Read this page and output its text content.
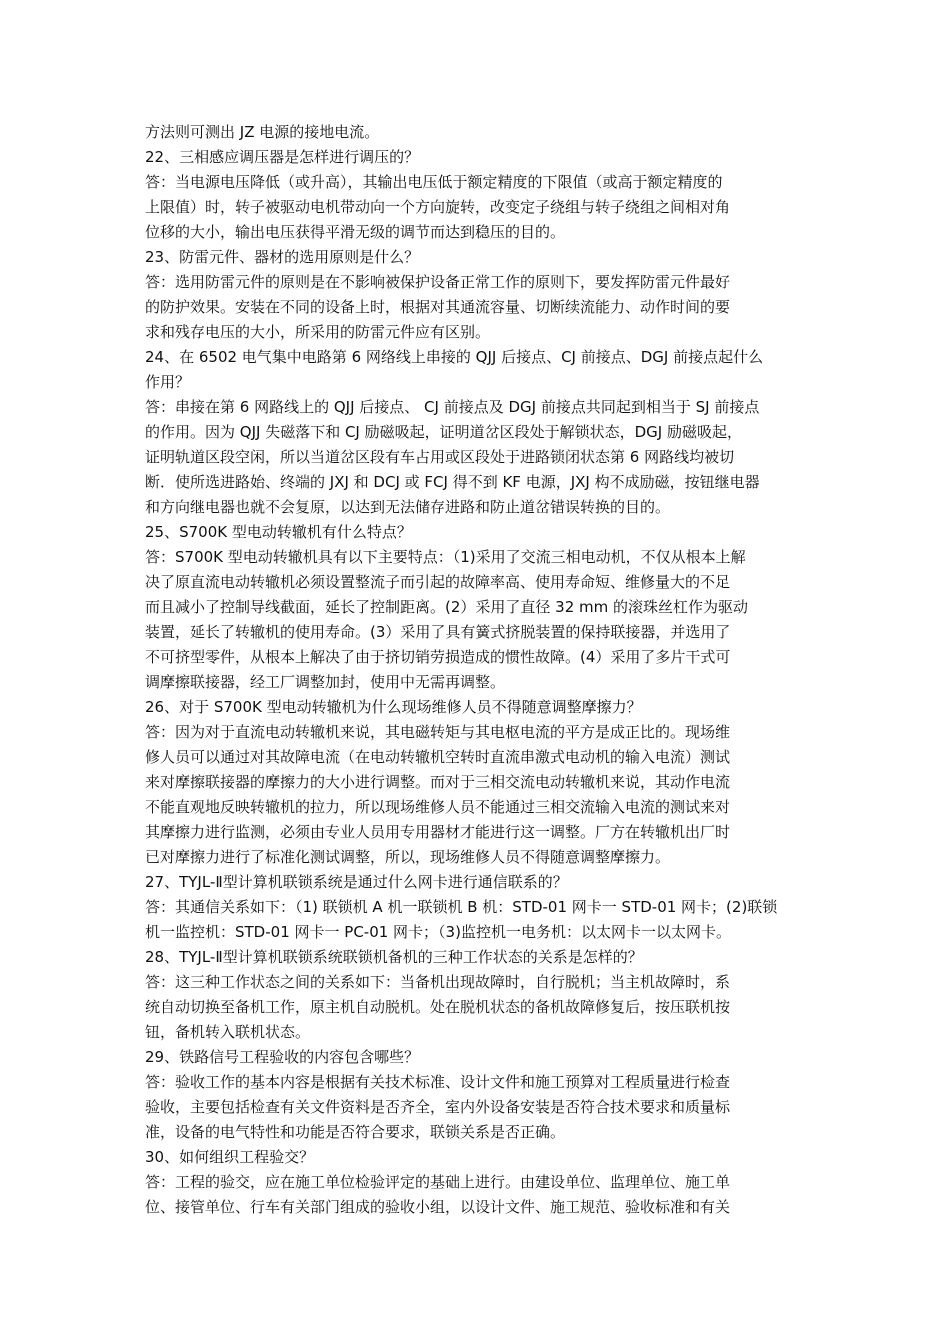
方法则可测出 JZ 电源的接地电流。
22、三相感应调压器是怎样进行调压的？
答：当电源电压降低（或升高），其输出电压低于额定精度的下限值（或高于额定精度的
上限值）时，转子被驱动电机带动向一个方向旋转，改变定子绕组与转子绕组之间相对角
位移的大小，输出电压获得平滑无级的调节而达到稳压的目的。
23、防雷元件、器材的选用原则是什么？
答：选用防雷元件的原则是在不影响被保护设备正常工作的原则下，要发挥防雷元件最好
的防护效果。安装在不同的设备上时，根据对其通流容量、切断续流能力、动作时间的要
求和残存电压的大小，所采用的防雷元件应有区别。
24、在 6502 电气集中电路第 6 网络线上串接的 QJJ 后接点、CJ 前接点、DGJ 前接点起什么
作用？
答：串接在第 6 网路线上的 QJJ 后接点、 CJ 前接点及 DGJ 前接点共同起到相当于 SJ 前接点
的作用。因为 QJJ 失磁落下和 CJ 励磁吸起，证明道岔区段处于解锁状态，DGJ 励磁吸起，
证明轨道区段空闲，所以当道岔区段有车占用或区段处于进路锁闭状态第 6 网路线均被切
断．使所选进路始、终端的 JXJ 和 DCJ 或 FCJ 得不到 KF 电源，JXJ 构不成励磁，按钮继电器
和方向继电器也就不会复原，以达到无法储存进路和防止道岔错误转换的目的。
25、S700K 型电动转辙机有什么特点？
答：S700K 型电动转辙机具有以下主要特点：（1)采用了交流三相电动机，不仅从根本上解
决了原直流电动转辙机必须设置整流子而引起的故障率高、使用寿命短、维修量大的不足
而且减小了控制导线截面，延长了控制距离。(2）采用了直径 32 mm 的滚珠丝杠作为驱动
装置，延长了转辙机的使用寿命。(3）采用了具有簧式挤脱装置的保持联接器，并选用了
不可挤型零件，从根本上解决了由于挤切销劳损造成的惯性故障。(4）采用了多片干式可
调摩擦联接器，经工厂调整加封，使用中无需再调整。
26、对于 S700K 型电动转辙机为什么现场维修人员不得随意调整摩擦力？
答：因为对于直流电动转辙机来说，其电磁转矩与其电枢电流的平方是成正比的。现场维
修人员可以通过对其故障电流（在电动转辙机空转时直流串激式电动机的输入电流）测试
来对摩擦联接器的摩擦力的大小进行调整。而对于三相交流电动转辙机来说，其动作电流
不能直观地反映转辙机的拉力，所以现场维修人员不能通过三相交流输入电流的测试来对
其摩擦力进行监测，必须由专业人员用专用器材才能进行这一调整。厂方在转辙机出厂时
已对摩擦力进行了标准化测试调整，所以，现场维修人员不得随意调整摩擦力。
27、TYJL-Ⅱ型计算机联锁系统是通过什么网卡进行通信联系的？
答：其通信关系如下：（1) 联锁机 A 机一联锁机 B 机：STD-01 网卡一 STD-01 网卡；(2)联锁
机一监控机：STD-01 网卡一 PC-01 网卡；（3)监控机一电务机：以太网卡一以太网卡。
28、TYJL-Ⅱ型计算机联锁系统联锁机备机的三种工作状态的关系是怎样的？
答：这三种工作状态之间的关系如下：当备机出现故障时，自行脱机；当主机故障时，系
统自动切换至备机工作，原主机自动脱机。处在脱机状态的备机故障修复后，按压联机按
钮，备机转入联机状态。
29、铁路信号工程验收的内容包含哪些？
答：验收工作的基本内容是根据有关技术标准、设计文件和施工预算对工程质量进行检查
验收，主要包括检查有关文件资料是否齐全，室内外设备安装是否符合技术要求和质量标
准，设备的电气特性和功能是否符合要求，联锁关系是否正确。
30、如何组织工程验交？
答：工程的验交，应在施工单位检验评定的基础上进行。由建设单位、监理单位、施工单
位、接管单位、行车有关部门组成的验收小组，以设计文件、施工规范、验收标准和有关
